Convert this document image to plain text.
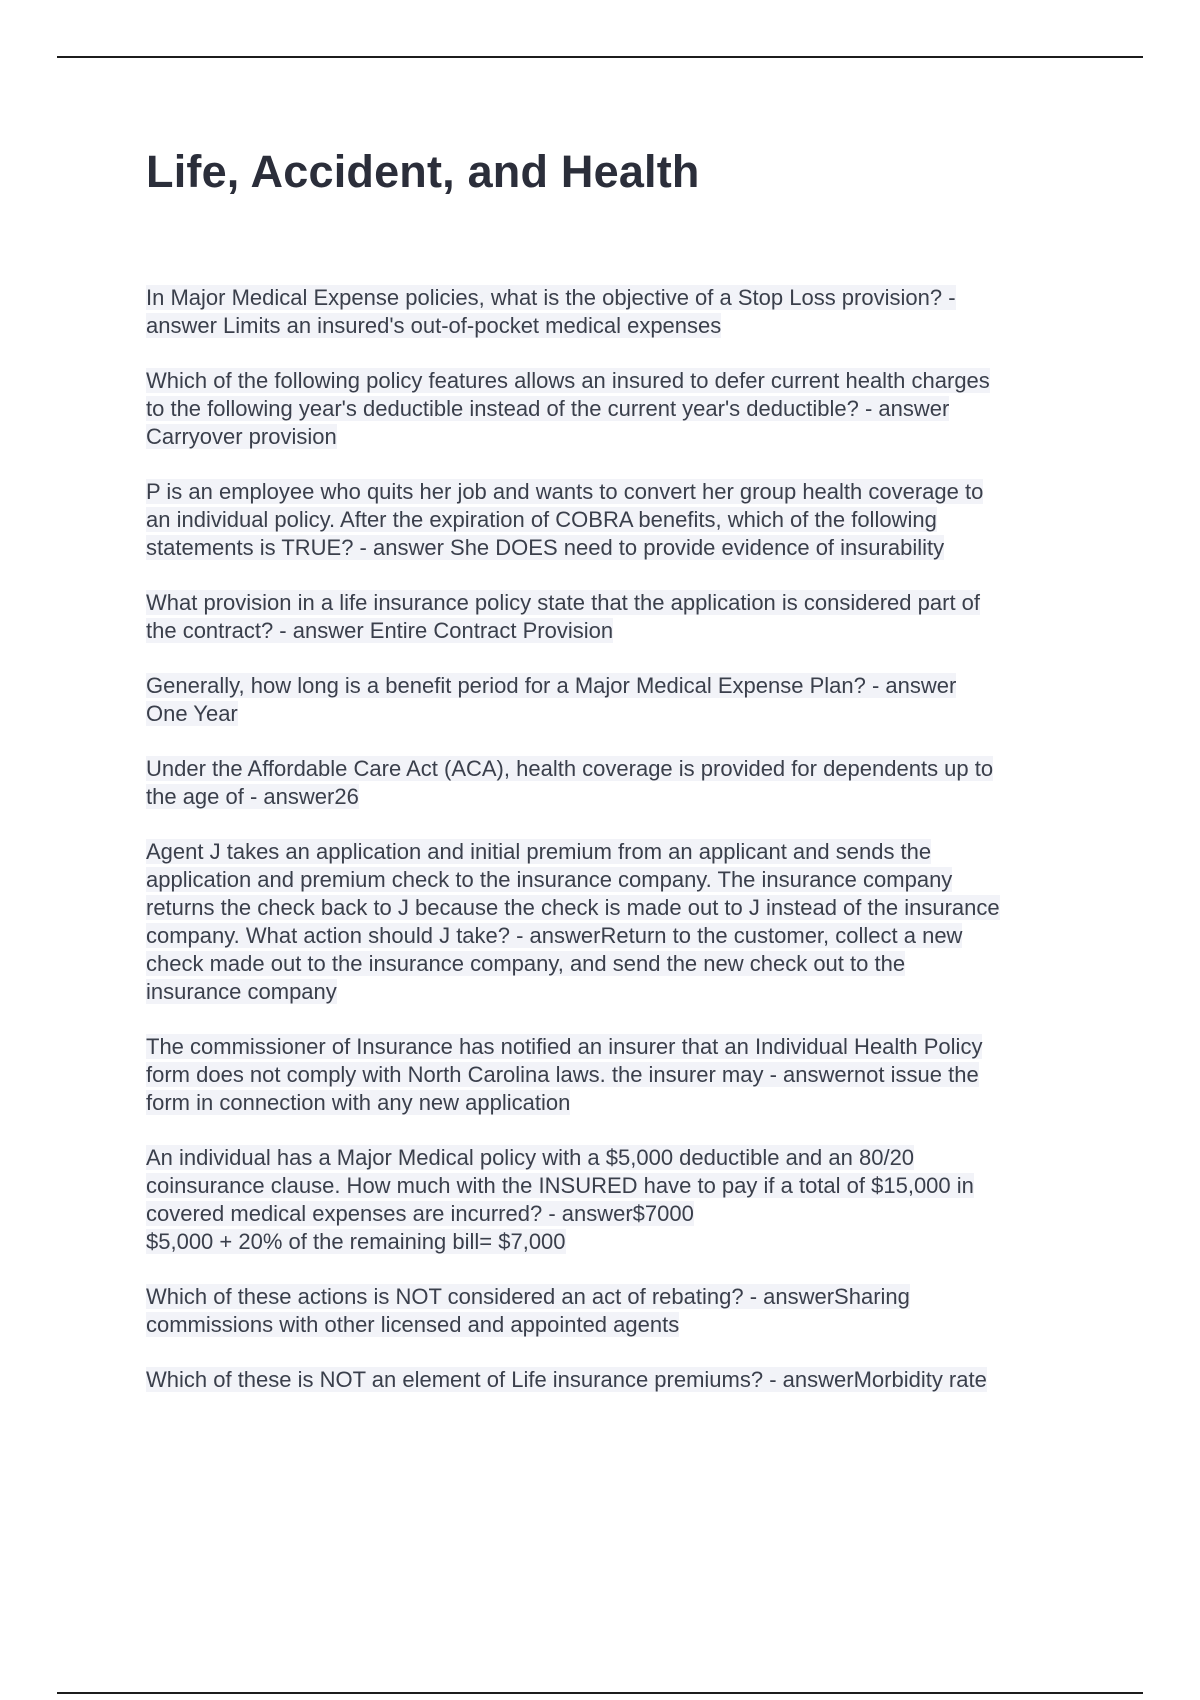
Life, Accident, and Health

In Major Medical Expense policies, what is the objective of a Stop Loss provision? -
answer Limits an insured's out-of-pocket medical expenses

Which of the following policy features allows an insured to defer current health charges
to the following year's deductible instead of the current year's deductible? - answer
Carryover provision

P is an employee who quits her job and wants to convert her group health coverage to
an individual policy. After the expiration of COBRA benefits, which of the following
statements is TRUE? - answer She DOES need to provide evidence of insurability

What provision in a life insurance policy state that the application is considered part of
the contract? - answer Entire Contract Provision

Generally, how long is a benefit period for a Major Medical Expense Plan? - answer
One Year

Under the Affordable Care Act (ACA), health coverage is provided for dependents up to
the age of - answer26

Agent J takes an application and initial premium from an applicant and sends the
application and premium check to the insurance company. The insurance company
returns the check back to J because the check is made out to J instead of the insurance
company. What action should J take? - answerReturn to the customer, collect a new
check made out to the insurance company, and send the new check out to the
insurance company

The commissioner of Insurance has notified an insurer that an Individual Health Policy
form does not comply with North Carolina laws. the insurer may - answernot issue the
form in connection with any new application

An individual has a Major Medical policy with a $5,000 deductible and an 80/20
coinsurance clause. How much with the INSURED have to pay if a total of $15,000 in
covered medical expenses are incurred? - answer$7000
$5,000 + 20% of the remaining bill= $7,000

Which of these actions is NOT considered an act of rebating? - answerSharing
commissions with other licensed and appointed agents

Which of these is NOT an element of Life insurance premiums? - answerMorbidity rate
